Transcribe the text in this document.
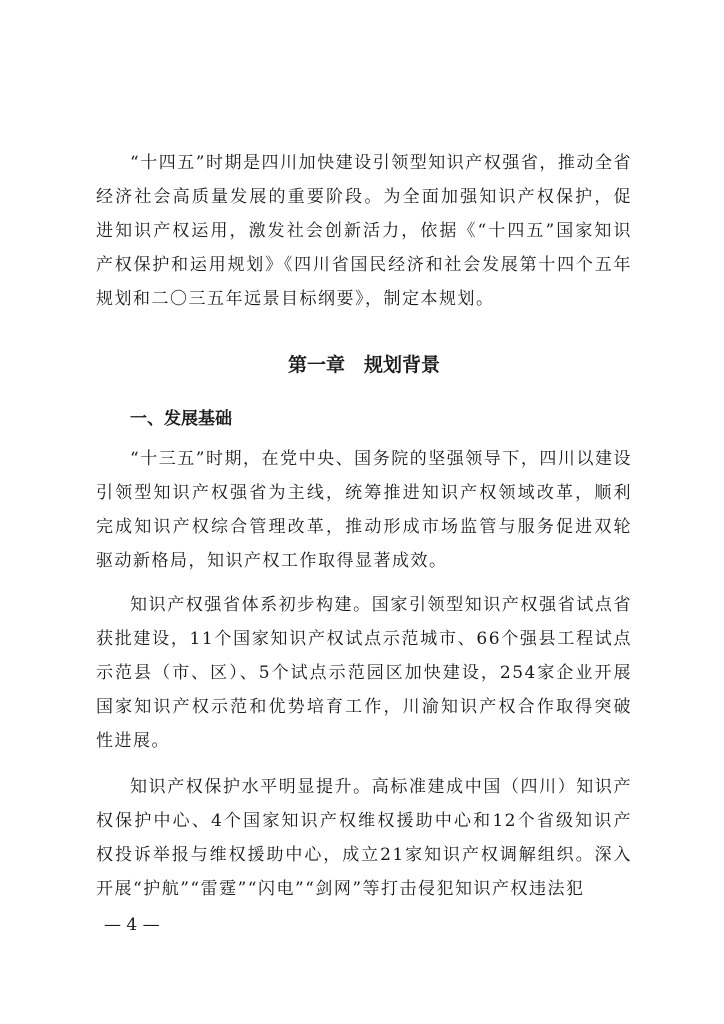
“十四五”时期是四川加快建设引领型知识产权强省，推动全省经济社会高质量发展的重要阶段。为全面加强知识产权保护，促进知识产权运用，激发社会创新活力，依据《“十四五”国家知识产权保护和运用规划》《四川省国民经济和社会发展第十四个五年规划和二〇三五年远景目标纲要》，制定本规划。

第一章　规划背景
一、发展基础

“十三五”时期，在党中央、国务院的坚强领导下，四川以建设引领型知识产权强省为主线，统筹推进知识产权领域改革，顺利完成知识产权综合管理改革，推动形成市场监管与服务促进双轮驱动新格局，知识产权工作取得显著成效。

知识产权强省体系初步构建。国家引领型知识产权强省试点省获批建设，11个国家知识产权试点示范城市、66个强县工程试点示范县（市、区）、5个试点示范园区加快建设，254家企业开展国家知识产权示范和优势培育工作，川渝知识产权合作取得突破性进展。

知识产权保护水平明显提升。高标准建成中国（四川）知识产权保护中心、4个国家知识产权维权援助中心和12个省级知识产权投诉举报与维权援助中心，成立21家知识产权调解组织。深入开展“护航”“雷霆”“闪电”“剑网”等打击侵犯知识产权违法犯

— 4 —
